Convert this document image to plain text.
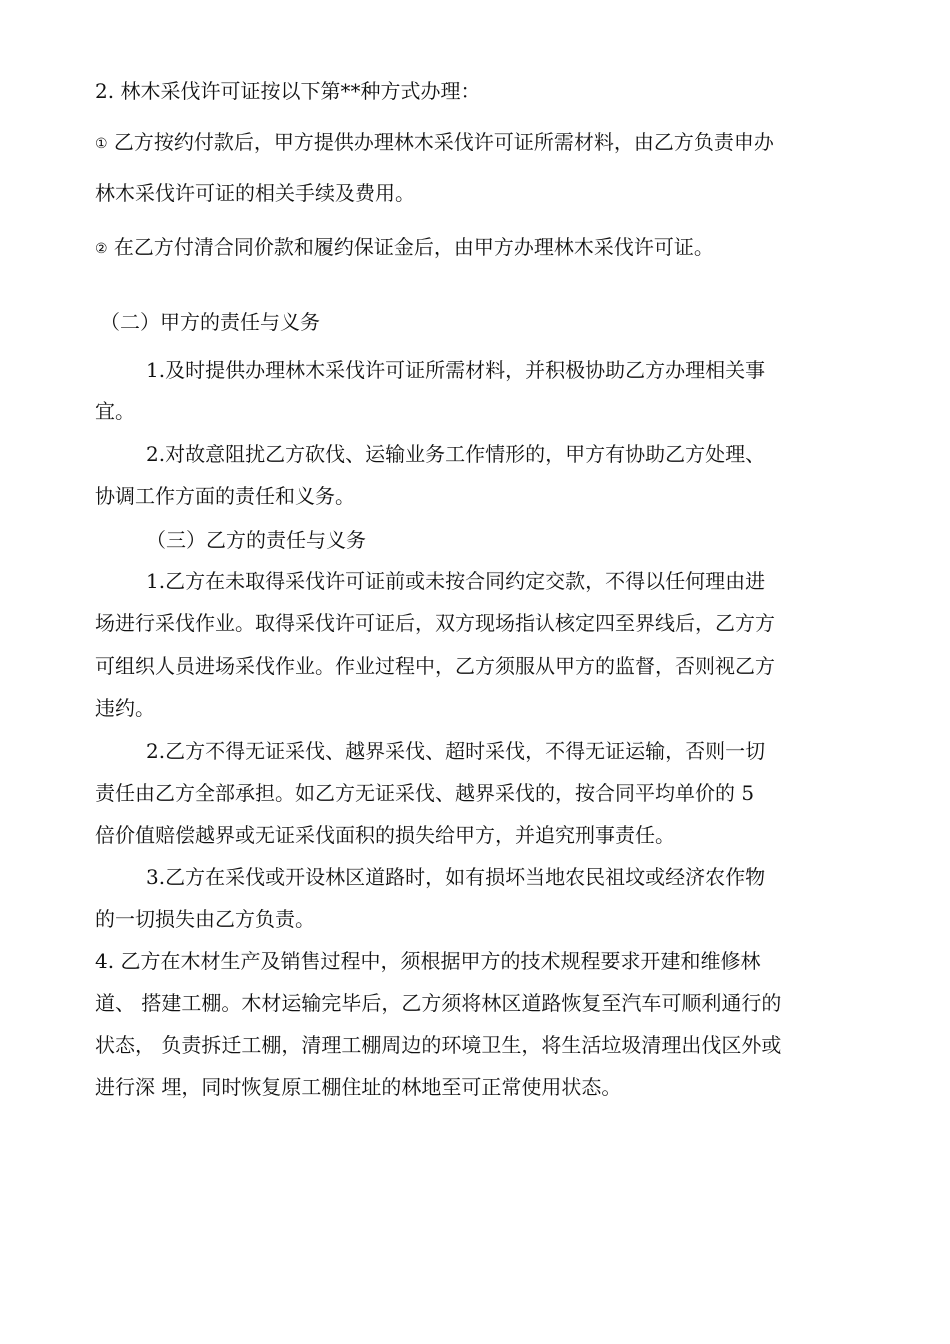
2. 林木采伐许可证按以下第**种方式办理：
① 乙方按约付款后，甲方提供办理林木采伐许可证所需材料，由乙方负责申办
林木采伐许可证的相关手续及费用。
② 在乙方付清合同价款和履约保证金后，由甲方办理林木采伐许可证。
（二）甲方的责任与义务
1.及时提供办理林木采伐许可证所需材料，并积极协助乙方办理相关事
宜。
2.对故意阻扰乙方砍伐、运输业务工作情形的，甲方有协助乙方处理、
协调工作方面的责任和义务。
（三）乙方的责任与义务
1.乙方在未取得采伐许可证前或未按合同约定交款，不得以任何理由进
场进行采伐作业。取得采伐许可证后，双方现场指认核定四至界线后，乙方方
可组织人员进场采伐作业。作业过程中，乙方须服从甲方的监督，否则视乙方
违约。
2.乙方不得无证采伐、越界采伐、超时采伐，不得无证运输，否则一切
责任由乙方全部承担。如乙方无证采伐、越界采伐的，按合同平均单价的 5
倍价值赔偿越界或无证采伐面积的损失给甲方，并追究刑事责任。
3.乙方在采伐或开设林区道路时，如有损坏当地农民祖坟或经济农作物
的一切损失由乙方负责。
4. 乙方在木材生产及销售过程中，须根据甲方的技术规程要求开建和维修林
道、 搭建工棚。木材运输完毕后，乙方须将林区道路恢复至汽车可顺利通行的
状态， 负责拆迁工棚，清理工棚周边的环境卫生，将生活垃圾清理出伐区外或
进行深 埋，同时恢复原工棚住址的林地至可正常使用状态。
